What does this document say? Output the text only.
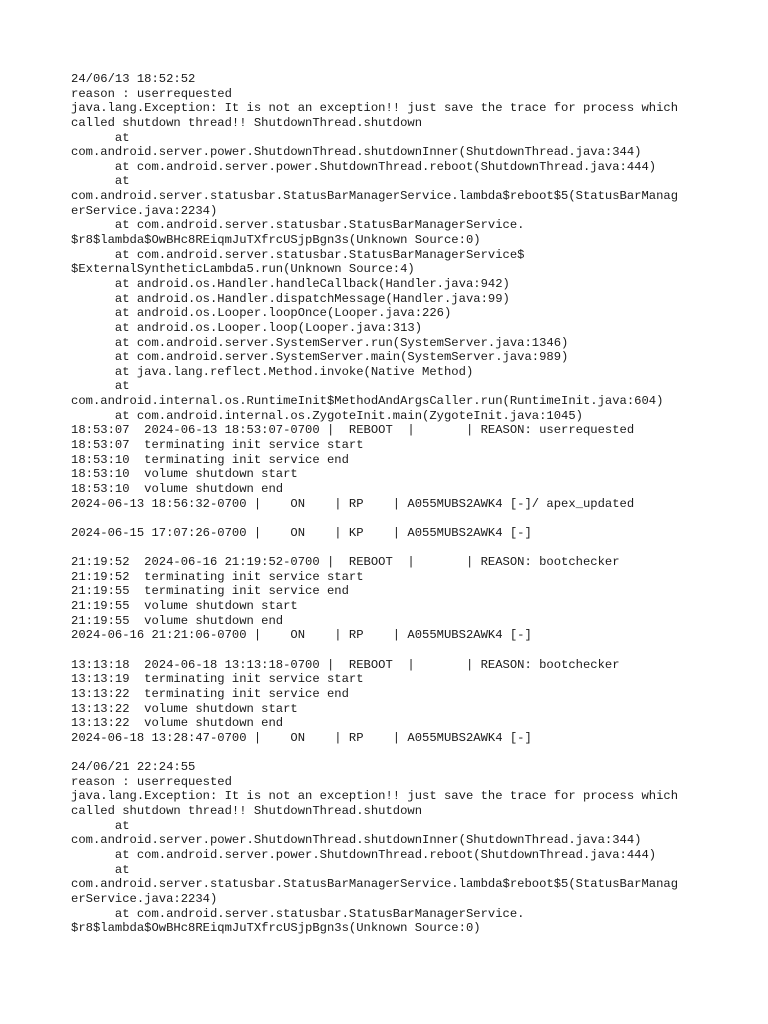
24/06/13 18:52:52
reason : userrequested
java.lang.Exception: It is not an exception!! just save the trace for process which
called shutdown thread!! ShutdownThread.shutdown
at
com.android.server.power.ShutdownThread.shutdownInner(ShutdownThread.java:344)
at com.android.server.power.ShutdownThread.reboot(ShutdownThread.java:444)
at
com.android.server.statusbar.StatusBarManagerService.lambda$reboot$5(StatusBarManag
erService.java:2234)
at com.android.server.statusbar.StatusBarManagerService.
$r8$lambda$OwBHc8REiqmJuTXfrcUSjpBgn3s(Unknown Source:0)
at com.android.server.statusbar.StatusBarManagerService$
$ExternalSyntheticLambda5.run(Unknown Source:4)
at android.os.Handler.handleCallback(Handler.java:942)
at android.os.Handler.dispatchMessage(Handler.java:99)
at android.os.Looper.loopOnce(Looper.java:226)
at android.os.Looper.loop(Looper.java:313)
at com.android.server.SystemServer.run(SystemServer.java:1346)
at com.android.server.SystemServer.main(SystemServer.java:989)
at java.lang.reflect.Method.invoke(Native Method)
at
com.android.internal.os.RuntimeInit$MethodAndArgsCaller.run(RuntimeInit.java:604)
at com.android.internal.os.ZygoteInit.main(ZygoteInit.java:1045)
18:53:07  2024-06-13 18:53:07-0700 |  REBOOT  |       | REASON: userrequested
18:53:07  terminating init service start
18:53:10  terminating init service end
18:53:10  volume shutdown start
18:53:10  volume shutdown end
2024-06-13 18:56:32-0700 |    ON    | RP    | A055MUBS2AWK4 [-]/ apex_updated
2024-06-15 17:07:26-0700 |    ON    | KP    | A055MUBS2AWK4 [-]
21:19:52  2024-06-16 21:19:52-0700 |  REBOOT  |       | REASON: bootchecker
21:19:52  terminating init service start
21:19:55  terminating init service end
21:19:55  volume shutdown start
21:19:55  volume shutdown end
2024-06-16 21:21:06-0700 |    ON    | RP    | A055MUBS2AWK4 [-]
13:13:18  2024-06-18 13:13:18-0700 |  REBOOT  |       | REASON: bootchecker
13:13:19  terminating init service start
13:13:22  terminating init service end
13:13:22  volume shutdown start
13:13:22  volume shutdown end
2024-06-18 13:28:47-0700 |    ON    | RP    | A055MUBS2AWK4 [-]
24/06/21 22:24:55
reason : userrequested
java.lang.Exception: It is not an exception!! just save the trace for process which
called shutdown thread!! ShutdownThread.shutdown
at
com.android.server.power.ShutdownThread.shutdownInner(ShutdownThread.java:344)
at com.android.server.power.ShutdownThread.reboot(ShutdownThread.java:444)
at
com.android.server.statusbar.StatusBarManagerService.lambda$reboot$5(StatusBarManag
erService.java:2234)
at com.android.server.statusbar.StatusBarManagerService.
$r8$lambda$OwBHc8REiqmJuTXfrcUSjpBgn3s(Unknown Source:0)
